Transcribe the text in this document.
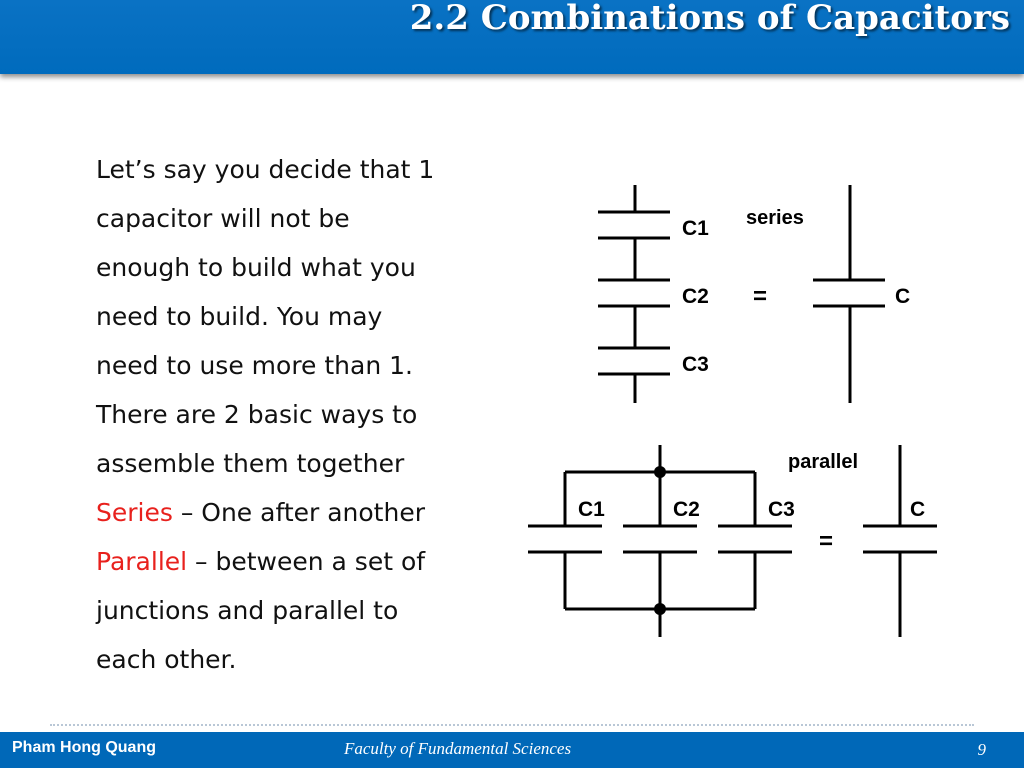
2.2 Combinations of Capacitors
Let’s say you decide that 1
capacitor will not be
enough to build what you
need to build. You may
need to use more than 1.
There are 2 basic ways to
assemble them together
Series – One after another
Parallel – between a set of
junctions and parallel to
each other.
C1
C2
C3
series
=	C
C1	C2	C3
parallel
=
C
Pham Hong Quang	Faculty of Fundamental Sciences	9
